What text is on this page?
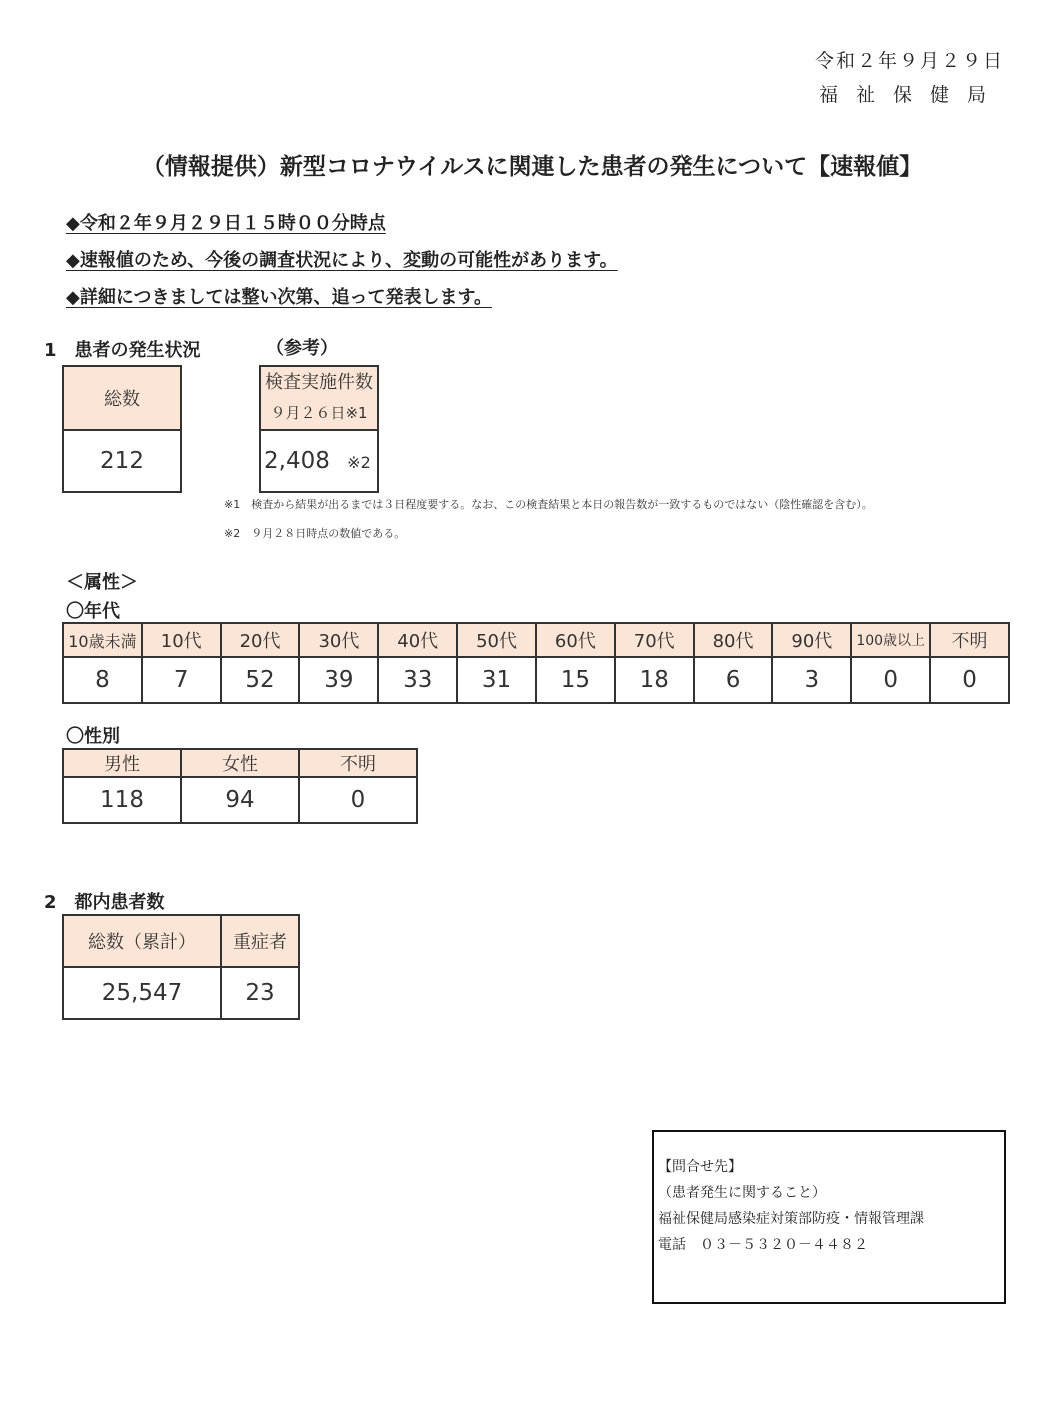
令和２年９月２９日
福祉保健局
（情報提供）新型コロナウイルスに関連した患者の発生について【速報値】
◆令和２年９月２９日１５時００分時点
◆速報値のため、今後の調査状況により、変動の可能性があります。
◆詳細につきましては整い次第、追って発表します。
1　患者の発生状況	（参考）
総数
212
検査実施件数
９月２６日※1

2,408 ※2
※1　検査から結果が出るまでは３日程度要する。なお、この検査結果と本日の報告数が一致するものではない（陰性確認を含む）。
※2　９月２８日時点の数値である。
＜属性＞
〇年代
10歳未満	10代	20代	30代	40代	50代	60代	70代	80代	90代	100歳以上	不明
8	7	52	39	33	31	15	18	6	3	0	0
〇性別
男性	女性	不明
118	94	0
2　都内患者数
総数（累計）	重症者
25,547	23
【問合せ先】
（患者発生に関すること）
福祉保健局感染症対策部防疫・情報管理課
電話　０３－５３２０－４４８２
